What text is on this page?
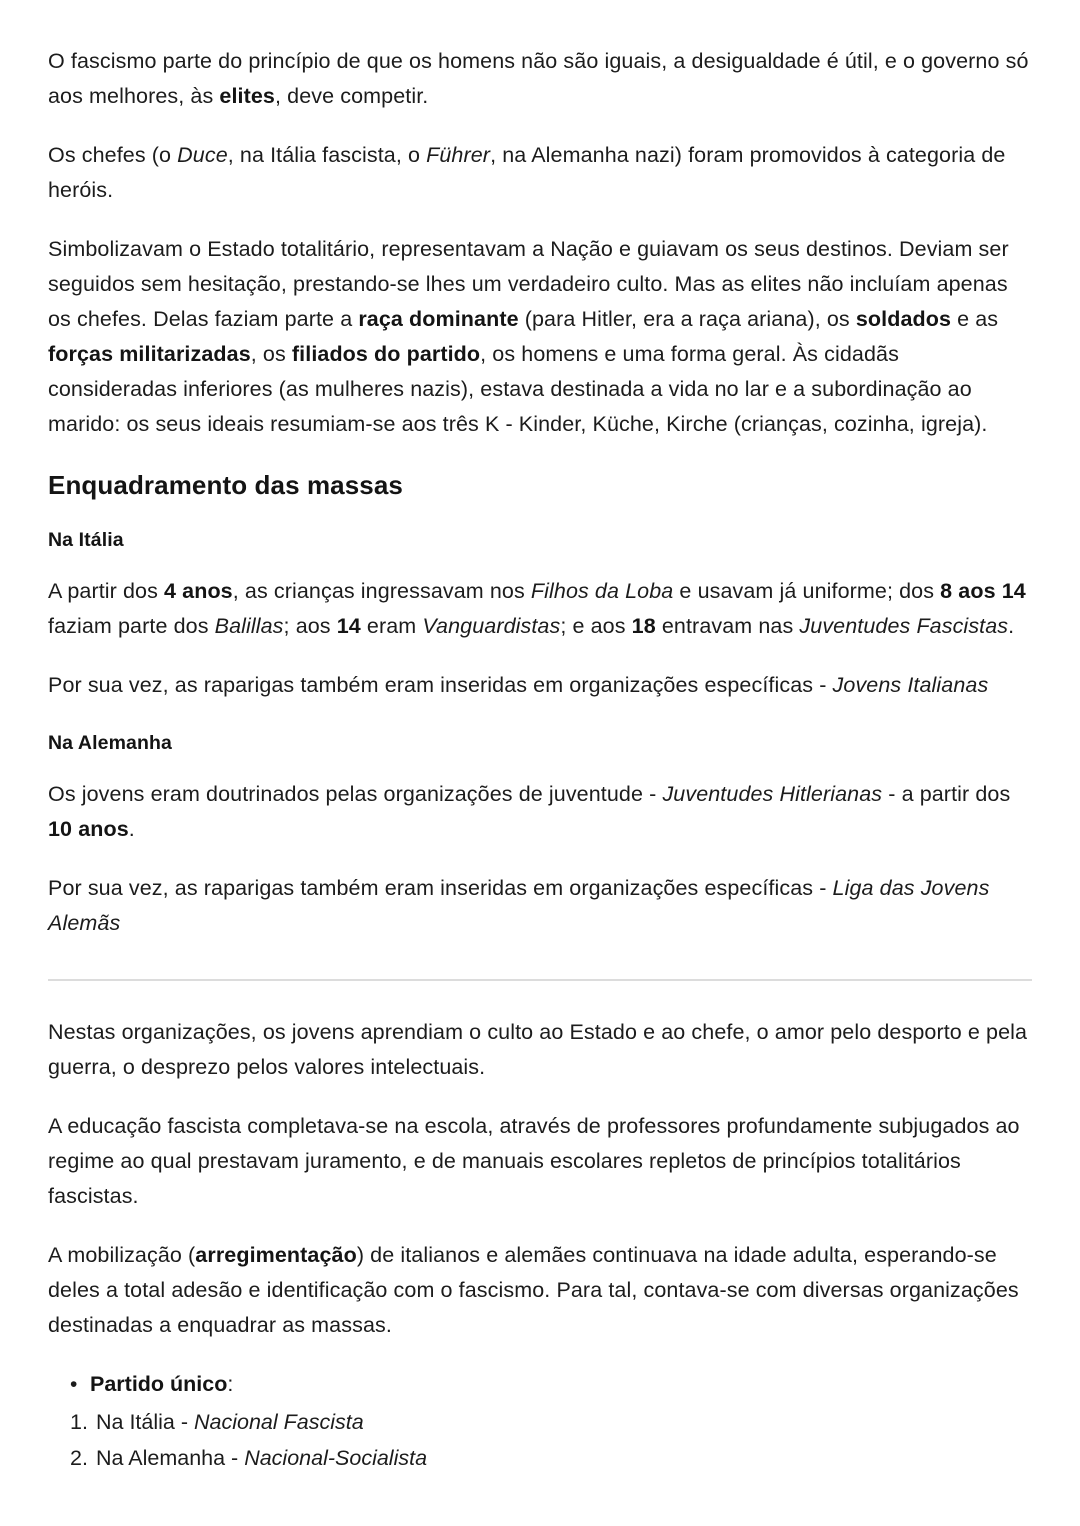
O fascismo parte do princípio de que os homens não são iguais, a desigualdade é útil, e o governo só aos melhores, às elites, deve competir.

Os chefes (o Duce, na Itália fascista, o Führer, na Alemanha nazi) foram promovidos à categoria de heróis.

Simbolizavam o Estado totalitário, representavam a Nação e guiavam os seus destinos. Deviam ser seguidos sem hesitação, prestando-se lhes um verdadeiro culto. Mas as elites não incluíam apenas os chefes. Delas faziam parte a raça dominante (para Hitler, era a raça ariana), os soldados e as forças militarizadas, os filiados do partido, os homens e uma forma geral. Às cidadãs consideradas inferiores (as mulheres nazis), estava destinada a vida no lar e a subordinação ao marido: os seus ideais resumiam-se aos três K - Kinder, Küche, Kirche (crianças, cozinha, igreja).

Enquadramento das massas
Na Itália

A partir dos 4 anos, as crianças ingressavam nos Filhos da Loba e usavam já uniforme; dos 8 aos 14 faziam parte dos Balillas; aos 14 eram Vanguardistas; e aos 18 entravam nas Juventudes Fascistas.

Por sua vez, as raparigas também eram inseridas em organizações específicas - Jovens Italianas

Na Alemanha

Os jovens eram doutrinados pelas organizações de juventude - Juventudes Hitlerianas - a partir dos 10 anos.

Por sua vez, as raparigas também eram inseridas em organizações específicas - Liga das Jovens Alemãs

Nestas organizações, os jovens aprendiam o culto ao Estado e ao chefe, o amor pelo desporto e pela guerra, o desprezo pelos valores intelectuais.

A educação fascista completava-se na escola, através de professores profundamente subjugados ao regime ao qual prestavam juramento, e de manuais escolares repletos de princípios totalitários fascistas.

A mobilização (arregimentação) de italianos e alemães continuava na idade adulta, esperando-se deles a total adesão e identificação com o fascismo. Para tal, contava-se com diversas organizações destinadas a enquadrar as massas.

• Partido único:
Na Itália - Nacional Fascista
Na Alemanha - Nacional-Socialista
